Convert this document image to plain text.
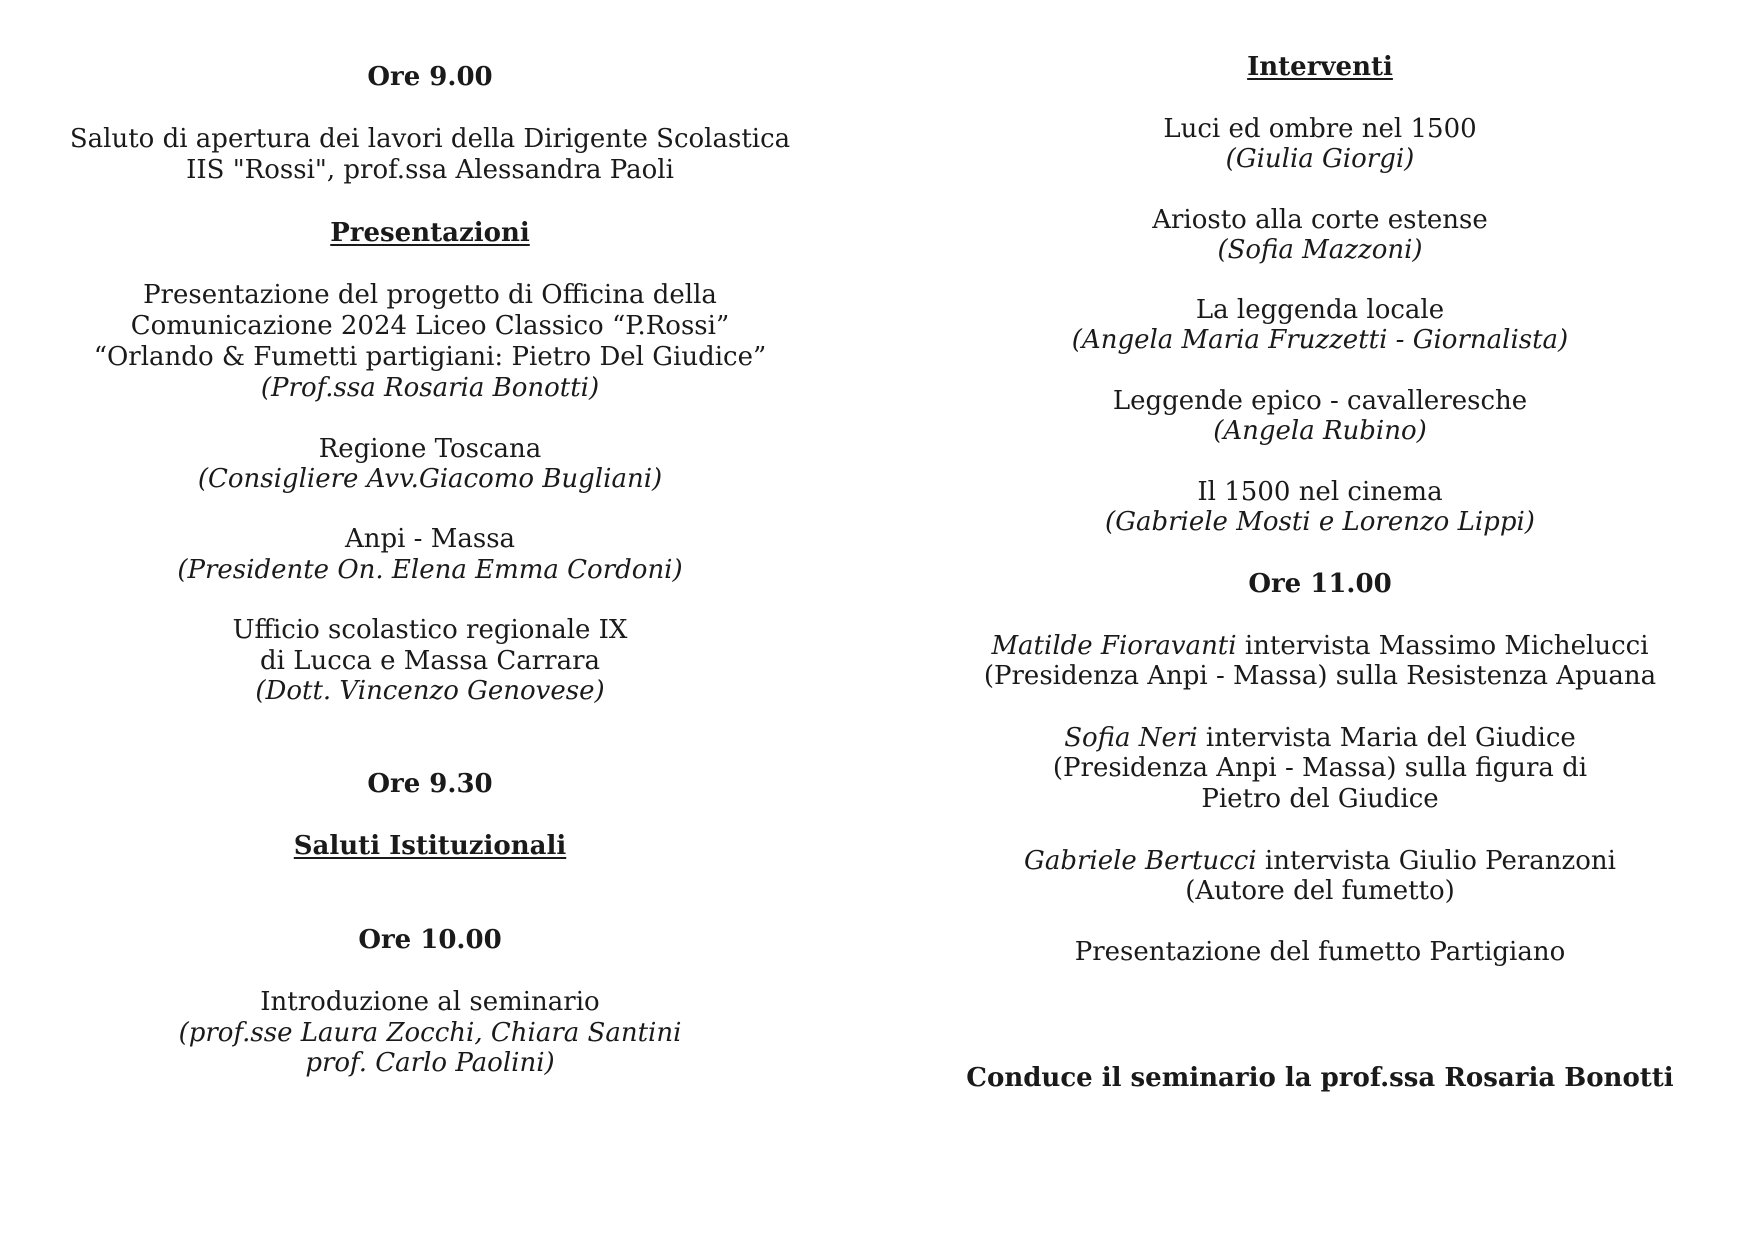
Ore 9.00
Saluto di apertura dei lavori della Dirigente Scolastica
IIS "Rossi", prof.ssa Alessandra Paoli
Presentazioni
Presentazione del progetto di Officina della
Comunicazione 2024 Liceo Classico “P.Rossi”
“Orlando & Fumetti partigiani: Pietro Del Giudice”
(Prof.ssa Rosaria Bonotti)
Regione Toscana
(Consigliere Avv.Giacomo Bugliani)
Anpi - Massa
(Presidente On. Elena Emma Cordoni)
Ufficio scolastico regionale IX
di Lucca e Massa Carrara
(Dott. Vincenzo Genovese)
Ore 9.30
Saluti Istituzionali
Ore 10.00
Introduzione al seminario
(prof.sse Laura Zocchi, Chiara Santini
prof. Carlo Paolini)
Interventi
Luci ed ombre nel 1500
(Giulia Giorgi)
Ariosto alla corte estense
(Sofia Mazzoni)
La leggenda locale
(Angela Maria Fruzzetti - Giornalista)
Leggende epico - cavalleresche
(Angela Rubino)
Il 1500 nel cinema
(Gabriele Mosti e Lorenzo Lippi)
Ore 11.00
Matilde Fioravanti intervista Massimo Michelucci
(Presidenza Anpi - Massa) sulla Resistenza Apuana
Sofia Neri intervista Maria del Giudice
(Presidenza Anpi - Massa) sulla figura di
Pietro del Giudice
Gabriele Bertucci intervista Giulio Peranzoni
(Autore del fumetto)
Presentazione del fumetto Partigiano
Conduce il seminario la prof.ssa Rosaria Bonotti
